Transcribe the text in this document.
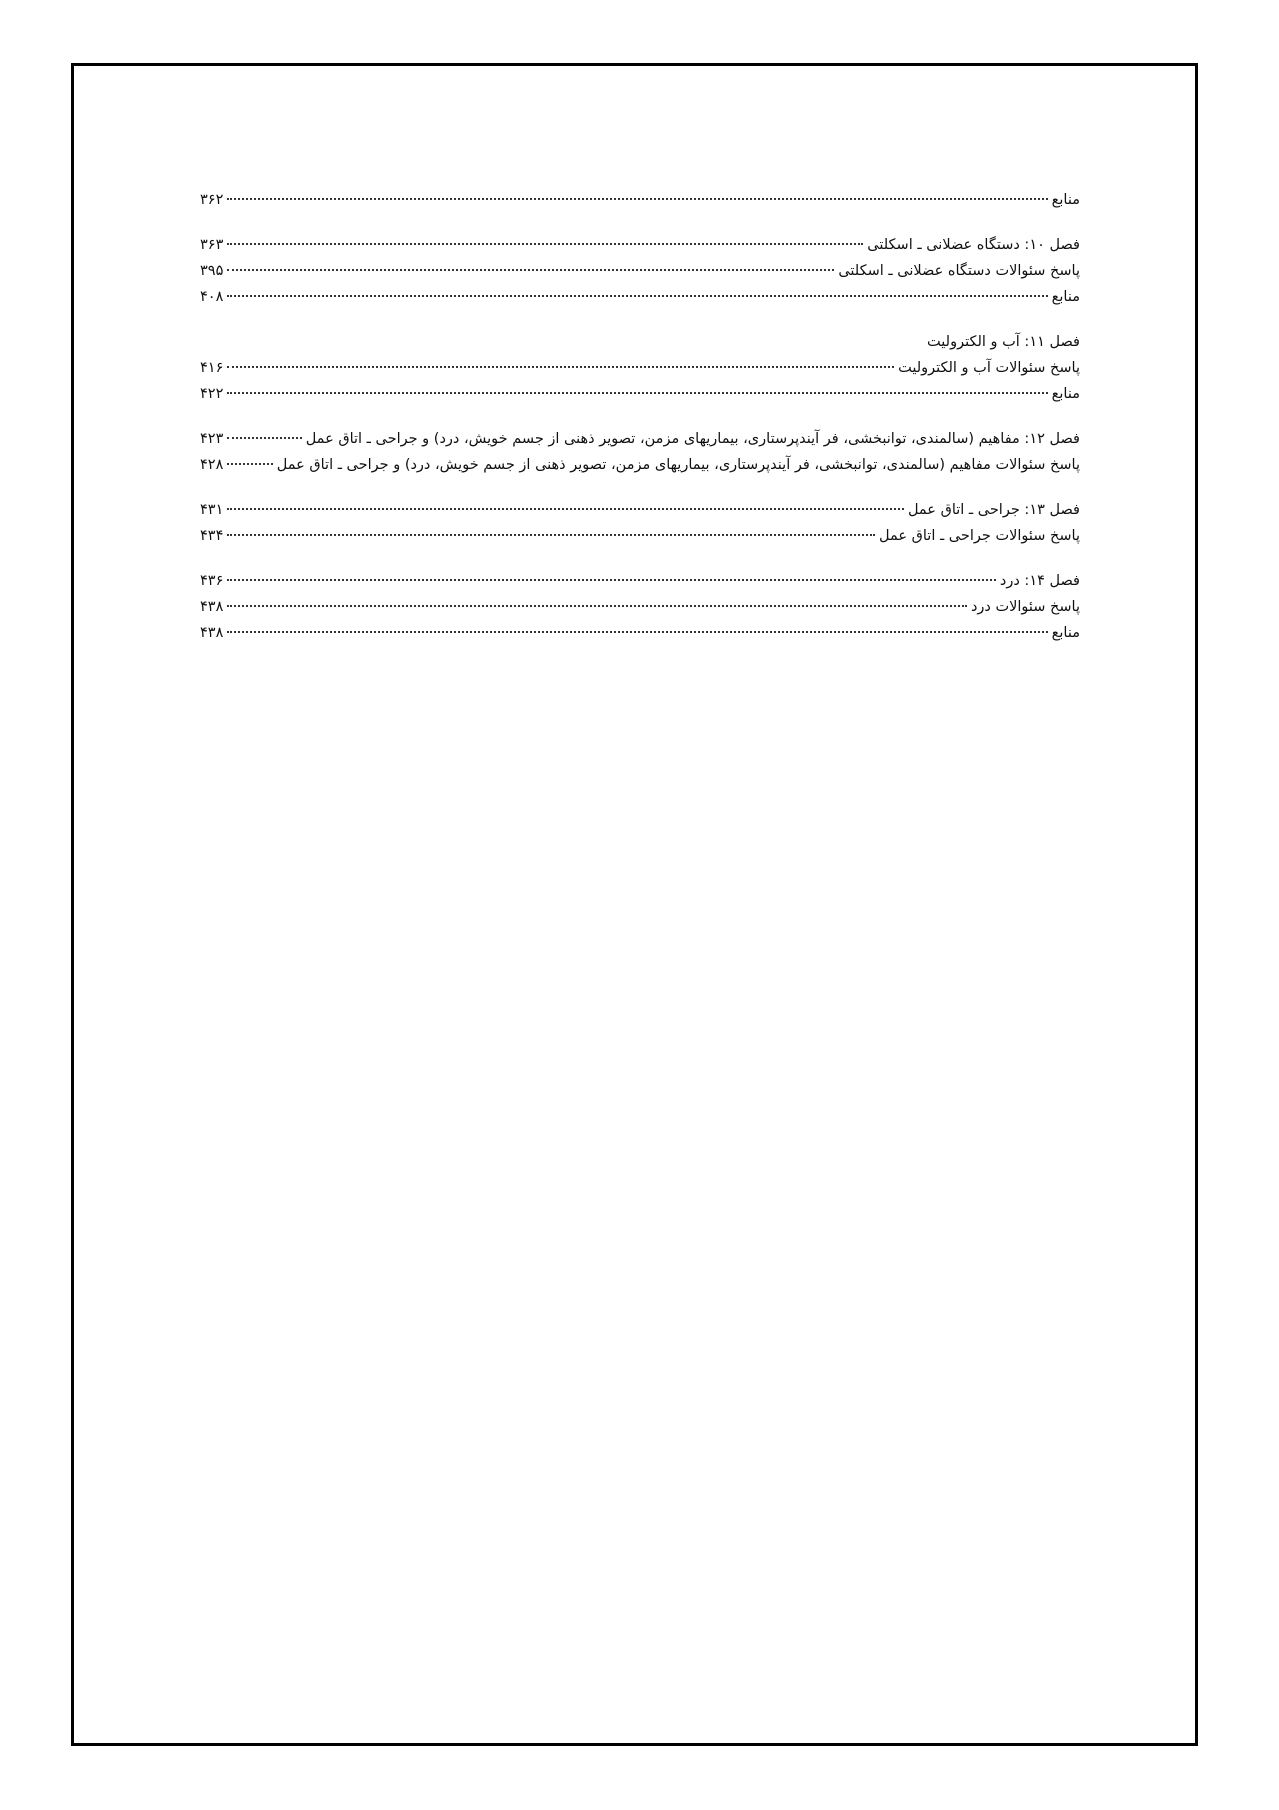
منابع
۳۶۲
فصل ۱۰: دستگاه عضلانی ـ اسکلتی
۳۶۳
پاسخ سئوالات دستگاه عضلانی ـ اسکلتی
۳۹۵
منابع
۴۰۸
فصل ۱۱: آب و الکترولیت
پاسخ سئوالات آب و الکترولیت
۴۱۶
منابع
۴۲۲
فصل ۱۲: مفاهیم (سالمندی، توانبخشی، فر آیندپرستاری، بیماریهای مزمن، تصویر ذهنی از جسم خویش، درد) و جراحی ـ اتاق عمل
۴۲۳
پاسخ سئوالات مفاهیم (سالمندی، توانبخشی، فر آیندپرستاری، بیماریهای مزمن، تصویر ذهنی از جسم خویش، درد) و جراحی ـ اتاق عمل
۴۲۸
فصل ۱۳: جراحی ـ اتاق عمل
۴۳۱
پاسخ سئوالات جراحی ـ اتاق عمل
۴۳۴
فصل ۱۴: درد
۴۳۶
پاسخ سئوالات درد
۴۳۸
منابع
۴۳۸
